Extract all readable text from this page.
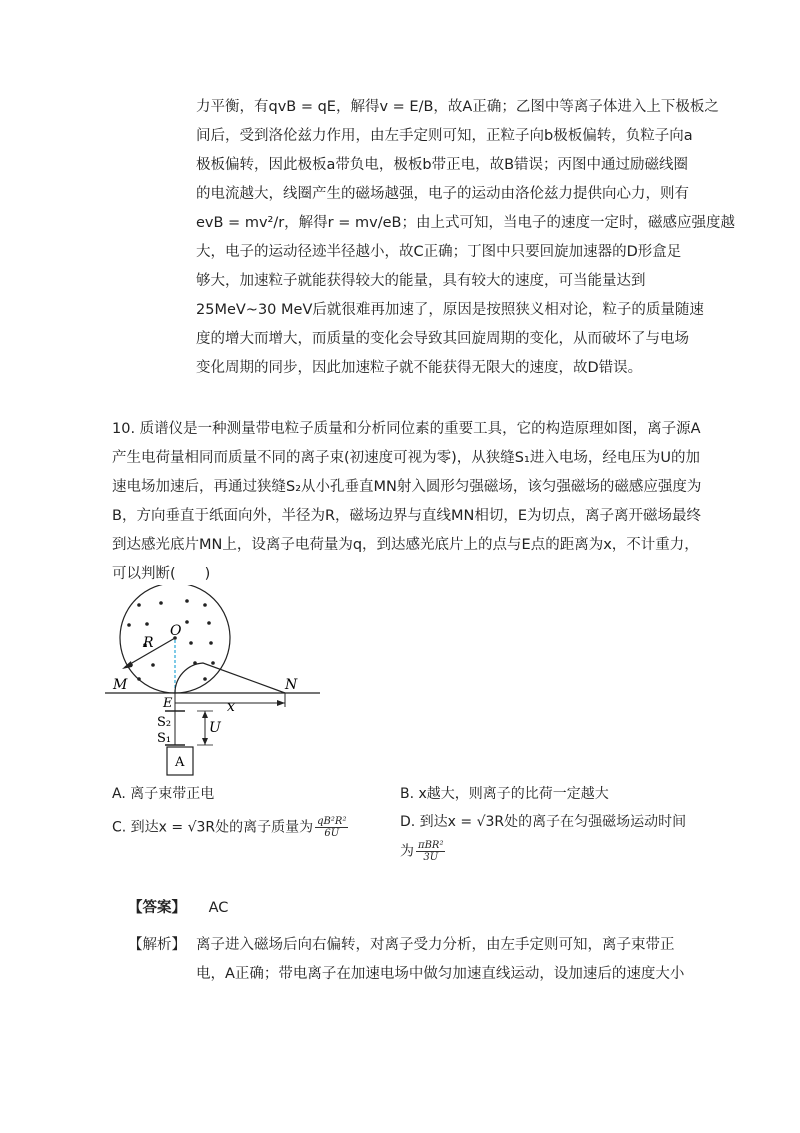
力平衡，有qvB = qE，解得v = E/B，故A正确；乙图中等离子体进入上下极板之
间后，受到洛伦兹力作用，由左手定则可知，正粒子向b极板偏转，负粒子向a
极板偏转，因此极板a带负电，极板b带正电，故B错误；丙图中通过励磁线圈
的电流越大，线圈产生的磁场越强，电子的运动由洛伦兹力提供向心力，则有
evB = mv²/r，解得r = mv/eB；由上式可知，当电子的速度一定时，磁感应强度越
大，电子的运动径迹半径越小，故C正确；丁图中只要回旋加速器的D形盒足
够大，加速粒子就能获得较大的能量，具有较大的速度，可当能量达到
25MeV~30 MeV后就很难再加速了，原因是按照狭义相对论，粒子的质量随速
度的增大而增大，而质量的变化会导致其回旋周期的变化，从而破坏了与电场
变化周期的同步，因此加速粒子就不能获得无限大的速度，故D错误。
10. 质谱仪是一种测量带电粒子质量和分析同位素的重要工具，它的构造原理如图，离子源A
产生电荷量相同而质量不同的离子束(初速度可视为零)，从狭缝S₁进入电场，经电压为U的加
速电场加速后，再通过狭缝S₂从小孔垂直MN射入圆形匀强磁场，该匀强磁场的磁感应强度为
B，方向垂直于纸面向外，半径为R，磁场边界与直线MN相切，E为切点，离子离开磁场最终
到达感光底片MN上，设离子电荷量为q，到达感光底片上的点与E点的距离为x，不计重力，
可以判断(　　)
O
R
M	N
E	x
S₂
S₁
U
A
A. 离子束带正电	B. x越大，则离子的比荷一定越大
C. 到达x = √3R处的离子质量为 $\frac{\text{qB²R²}}{6U}$	D. 到达x = √3R处的离子在匀强磁场运动时间
为 $\frac{\text{πBR²}}{3U}$
【答案】 AC
【解析】 离子进入磁场后向右偏转，对离子受力分析，由左手定则可知，离子束带正
电，A正确；带电离子在加速电场中做匀加速直线运动，设加速后的速度大小
